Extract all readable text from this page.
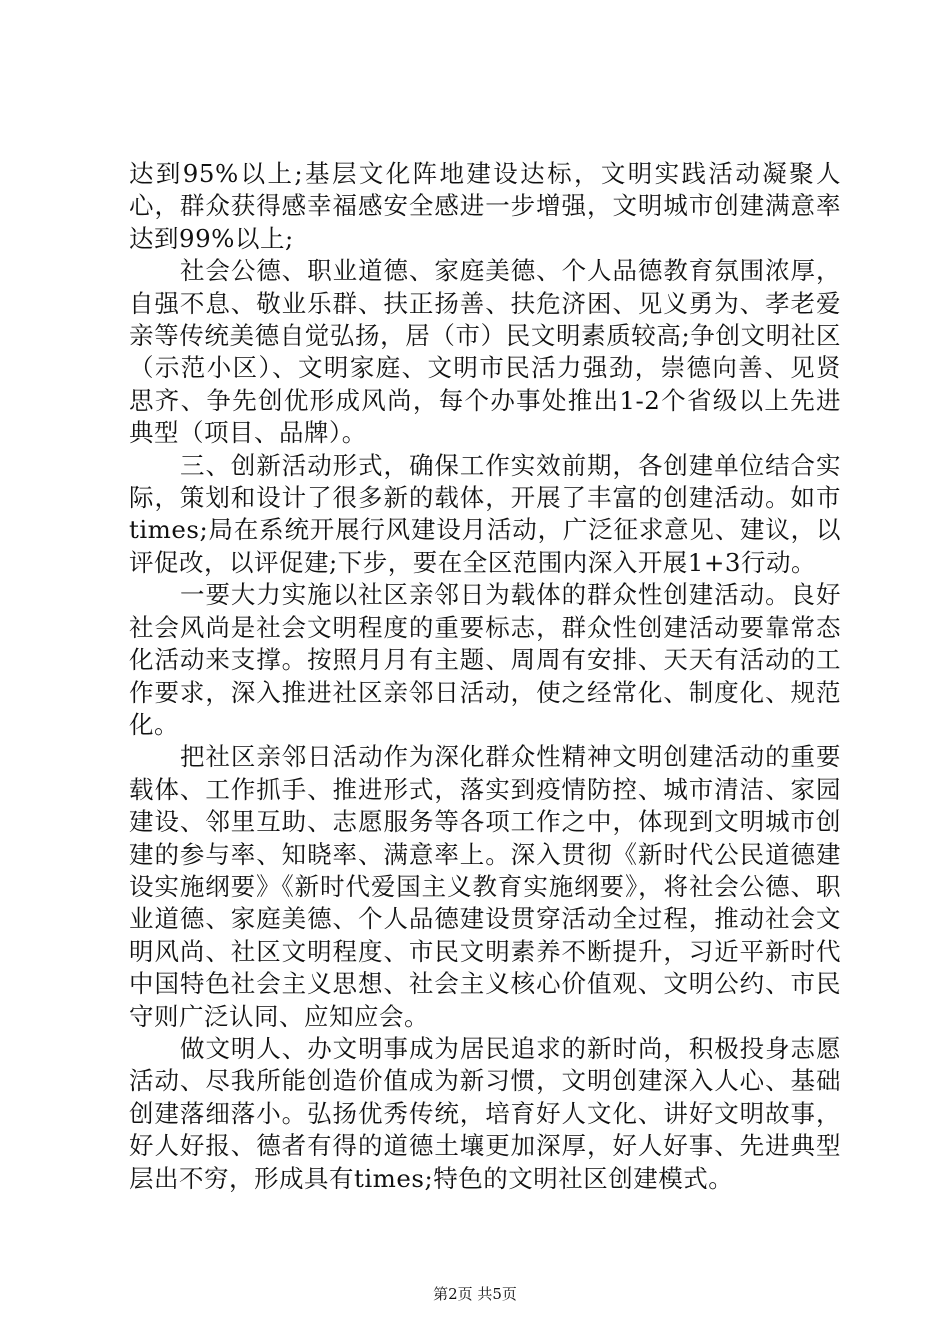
达到95%以上;基层文化阵地建设达标，文明实践活动凝聚人心，群众获得感幸福感安全感进一步增强，文明城市创建满意率达到99%以上;

社会公德、职业道德、家庭美德、个人品德教育氛围浓厚，自强不息、敬业乐群、扶正扬善、扶危济困、见义勇为、孝老爱亲等传统美德自觉弘扬，居（市）民文明素质较高;争创文明社区（示范小区）、文明家庭、文明市民活力强劲，崇德向善、见贤思齐、争先创优形成风尚，每个办事处推出1-2个省级以上先进典型（项目、品牌）。

三、创新活动形式，确保工作实效前期，各创建单位结合实际，策划和设计了很多新的载体，开展了丰富的创建活动。如市times;局在系统开展行风建设月活动，广泛征求意见、建议，以评促改，以评促建;下步，要在全区范围内深入开展1+3行动。

一要大力实施以社区亲邻日为载体的群众性创建活动。良好社会风尚是社会文明程度的重要标志，群众性创建活动要靠常态化活动来支撑。按照月月有主题、周周有安排、天天有活动的工作要求，深入推进社区亲邻日活动，使之经常化、制度化、规范化。

把社区亲邻日活动作为深化群众性精神文明创建活动的重要载体、工作抓手、推进形式，落实到疫情防控、城市清洁、家园建设、邻里互助、志愿服务等各项工作之中，体现到文明城市创建的参与率、知晓率、满意率上。深入贯彻《新时代公民道德建设实施纲要》《新时代爱国主义教育实施纲要》，将社会公德、职业道德、家庭美德、个人品德建设贯穿活动全过程，推动社会文明风尚、社区文明程度、市民文明素养不断提升，习近平新时代中国特色社会主义思想、社会主义核心价值观、文明公约、市民守则广泛认同、应知应会。

做文明人、办文明事成为居民追求的新时尚，积极投身志愿活动、尽我所能创造价值成为新习惯，文明创建深入人心、基础创建落细落小。弘扬优秀传统，培育好人文化、讲好文明故事，好人好报、德者有得的道德土壤更加深厚，好人好事、先进典型层出不穷，形成具有times;特色的文明社区创建模式。

第2页 共5页
